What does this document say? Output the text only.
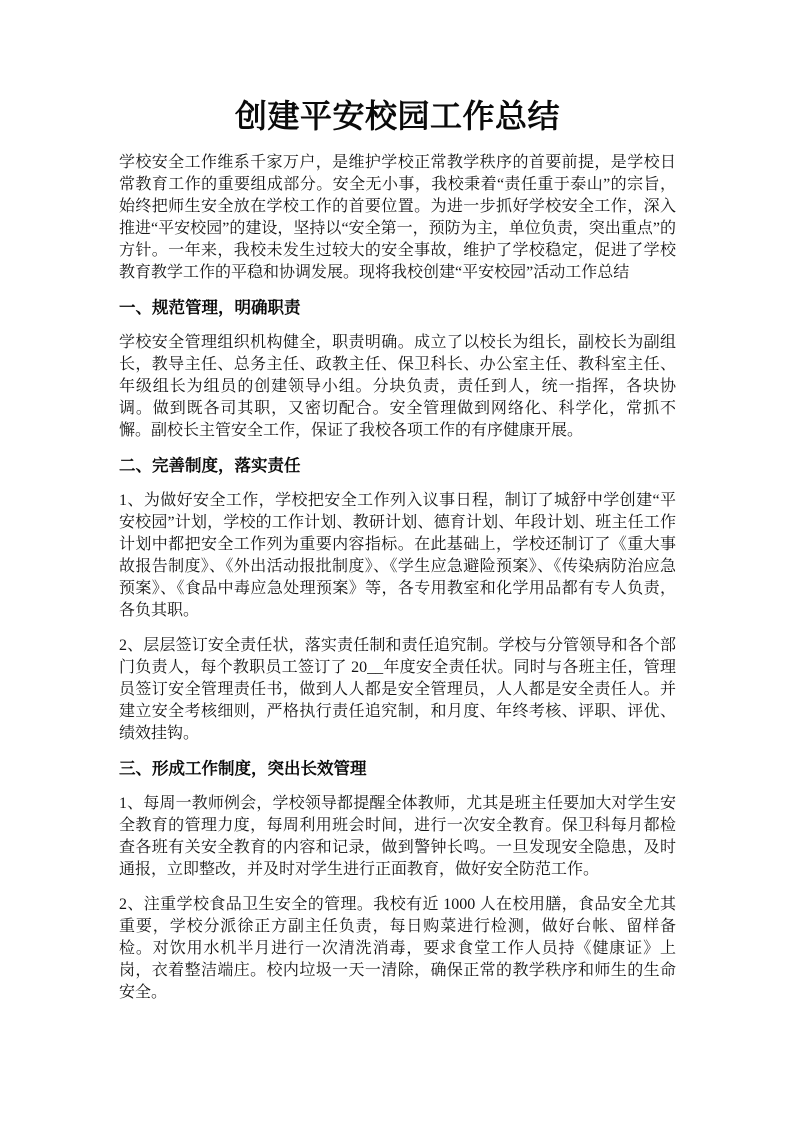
创建平安校园工作总结

学校安全工作维系千家万户，是维护学校正常教学秩序的首要前提，是学校日常教育工作的重要组成部分。安全无小事，我校秉着“责任重于泰山”的宗旨，始终把师生安全放在学校工作的首要位置。为进一步抓好学校安全工作，深入推进“平安校园”的建设，坚持以“安全第一，预防为主，单位负责，突出重点”的方针。一年来，我校未发生过较大的安全事故，维护了学校稳定，促进了学校教育教学工作的平稳和协调发展。现将我校创建“平安校园”活动工作总结

一、规范管理，明确职责

学校安全管理组织机构健全，职责明确。成立了以校长为组长，副校长为副组长，教导主任、总务主任、政教主任、保卫科长、办公室主任、教科室主任、年级组长为组员的创建领导小组。分块负责，责任到人，统一指挥，各块协调。做到既各司其职，又密切配合。安全管理做到网络化、科学化，常抓不懈。副校长主管安全工作，保证了我校各项工作的有序健康开展。

二、完善制度，落实责任

1、为做好安全工作，学校把安全工作列入议事日程，制订了城舒中学创建“平安校园”计划，学校的工作计划、教研计划、德育计划、年段计划、班主任工作计划中都把安全工作列为重要内容指标。在此基础上，学校还制订了《重大事故报告制度》、《外出活动报批制度》、《学生应急避险预案》、《传染病防治应急预案》、《食品中毒应急处理预案》等，各专用教室和化学用品都有专人负责，各负其职。

2、层层签订安全责任状，落实责任制和责任追究制。学校与分管领导和各个部门负责人，每个教职员工签订了 20__年度安全责任状。同时与各班主任，管理员签订安全管理责任书，做到人人都是安全管理员，人人都是安全责任人。并建立安全考核细则，严格执行责任追究制，和月度、年终考核、评职、评优、绩效挂钩。

三、形成工作制度，突出长效管理

1、每周一教师例会，学校领导都提醒全体教师，尤其是班主任要加大对学生安全教育的管理力度，每周利用班会时间，进行一次安全教育。保卫科每月都检查各班有关安全教育的内容和记录，做到警钟长鸣。一旦发现安全隐患，及时通报，立即整改，并及时对学生进行正面教育，做好安全防范工作。

2、注重学校食品卫生安全的管理。我校有近 1000 人在校用膳，食品安全尤其重要，学校分派徐正方副主任负责，每日购菜进行检测，做好台帐、留样备检。对饮用水机半月进行一次清洗消毒，要求食堂工作人员持《健康证》上岗，衣着整洁端庄。校内垃圾一天一清除，确保正常的教学秩序和师生的生命安全。
